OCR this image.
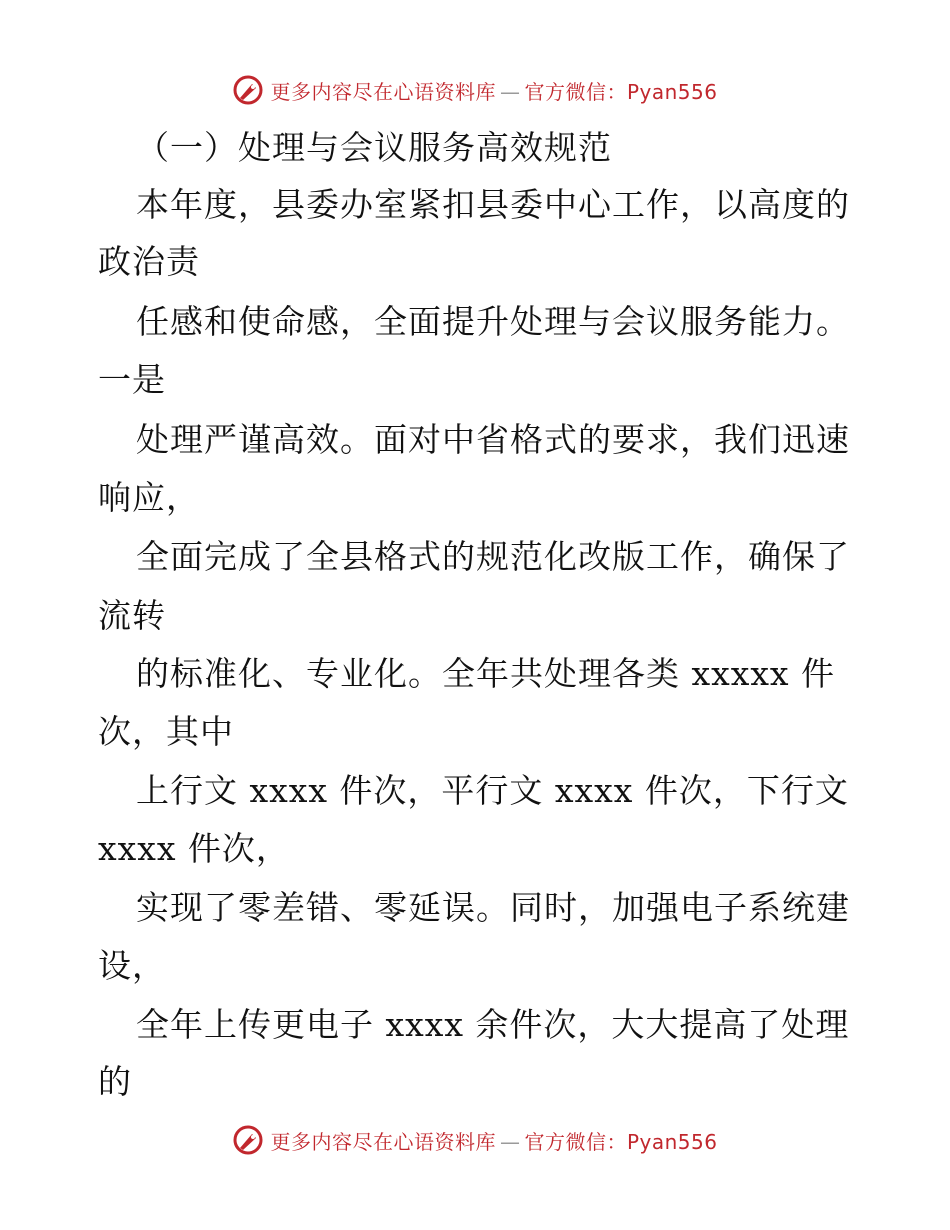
更多内容尽在心语资料库 — 官方微信：Pyan556
（一）处理与会议服务高效规范
本年度，县委办室紧扣县委中心工作，以高度的
政治责
任感和使命感，全面提升处理与会议服务能力。
一是
处理严谨高效。面对中省格式的要求，我们迅速
响应，
全面完成了全县格式的规范化改版工作，确保了
流转
的标准化、专业化。全年共处理各类 xxxxx 件
次，其中
上行文 xxxx 件次，平行文 xxxx 件次，下行文
xxxx 件次，
实现了零差错、零延误。同时，加强电子系统建
设，
全年上传更电子 xxxx 余件次，大大提高了处理
的
更多内容尽在心语资料库 — 官方微信：Pyan556
